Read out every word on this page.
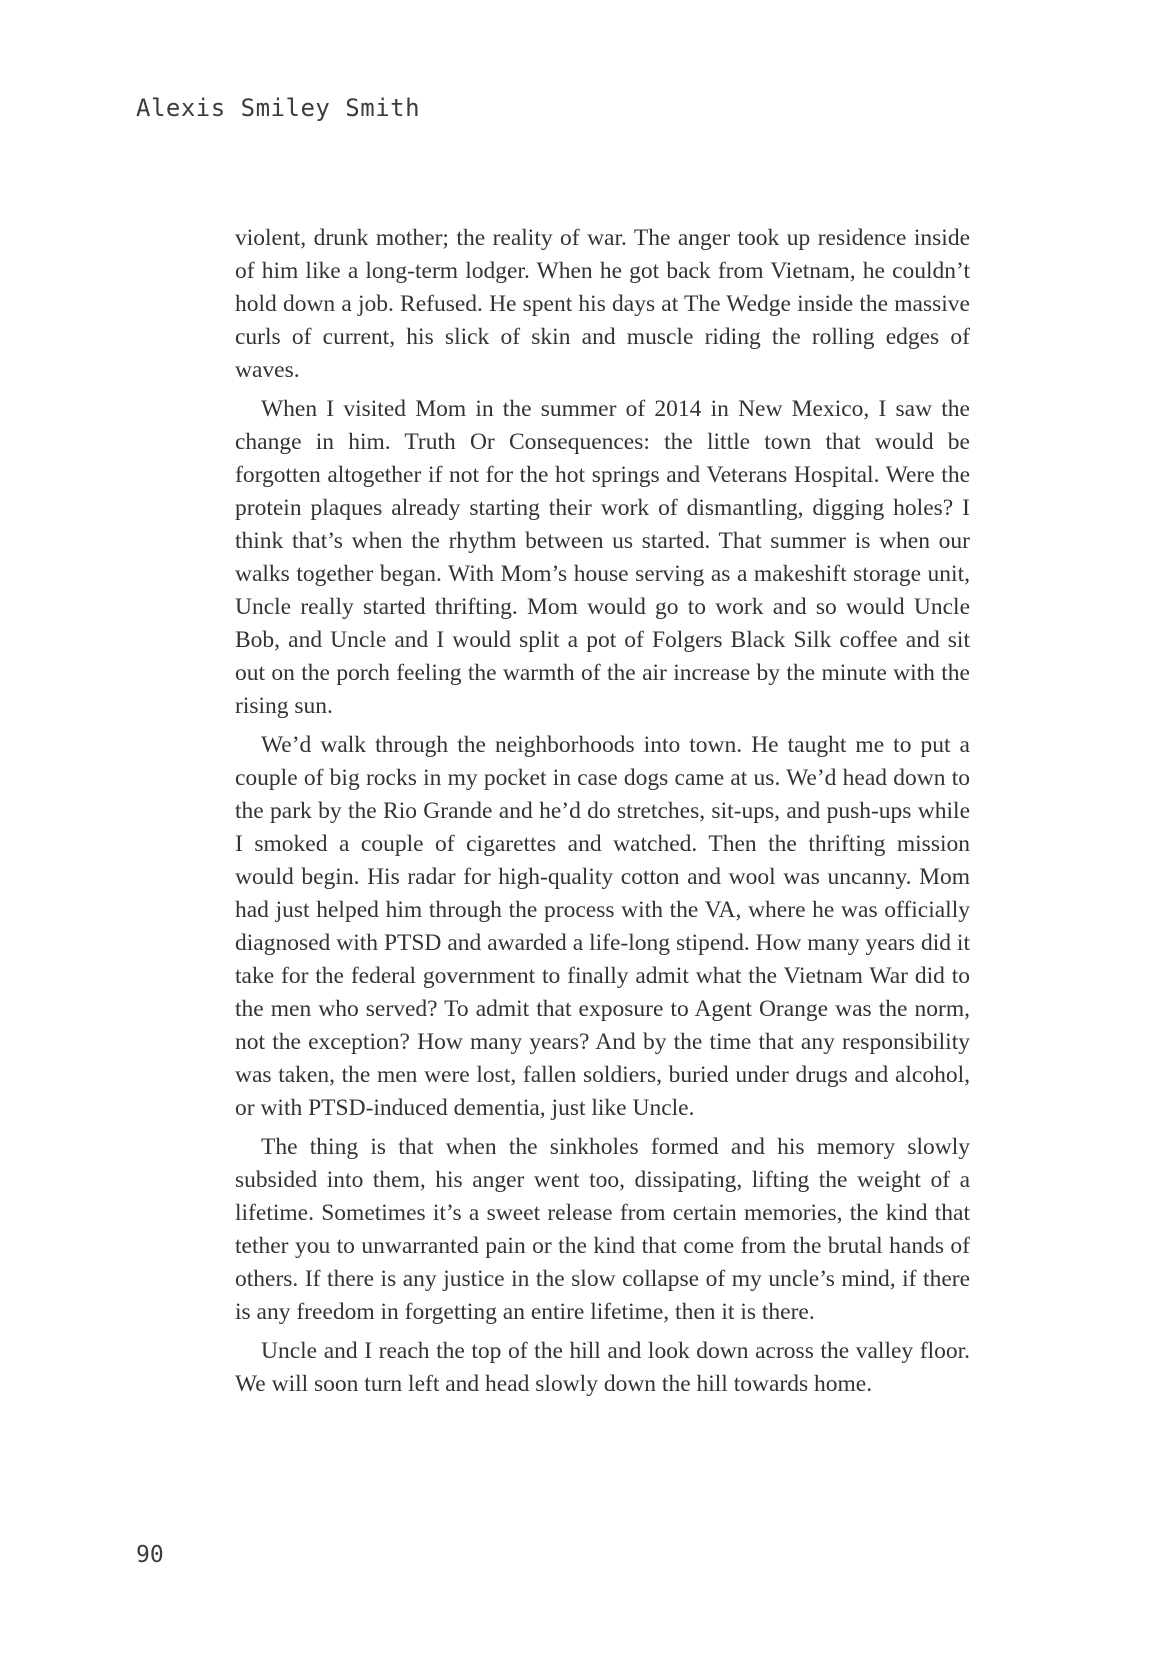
Alexis Smiley Smith

violent, drunk mother; the reality of war. The anger took up residence inside of him like a long-term lodger. When he got back from Vietnam, he couldn’t hold down a job. Refused. He spent his days at The Wedge inside the massive curls of current, his slick of skin and muscle riding the rolling edges of waves.

When I visited Mom in the summer of 2014 in New Mexico, I saw the change in him. Truth Or Consequences: the little town that would be forgotten altogether if not for the hot springs and Veterans Hospital. Were the protein plaques already starting their work of dismantling, digging holes? I think that’s when the rhythm between us started. That summer is when our walks together began. With Mom’s house serving as a makeshift storage unit, Uncle really started thrifting. Mom would go to work and so would Uncle Bob, and Uncle and I would split a pot of Folgers Black Silk coffee and sit out on the porch feeling the warmth of the air increase by the minute with the rising sun.

We’d walk through the neighborhoods into town. He taught me to put a couple of big rocks in my pocket in case dogs came at us. We’d head down to the park by the Rio Grande and he’d do stretches, sit-ups, and push-ups while I smoked a couple of cigarettes and watched. Then the thrifting mission would begin. His radar for high-quality cotton and wool was uncanny. Mom had just helped him through the process with the VA, where he was officially diagnosed with PTSD and awarded a life-long stipend. How many years did it take for the federal government to finally admit what the Vietnam War did to the men who served? To admit that exposure to Agent Orange was the norm, not the exception? How many years? And by the time that any responsibility was taken, the men were lost, fallen soldiers, buried under drugs and alcohol, or with PTSD-induced dementia, just like Uncle.

The thing is that when the sinkholes formed and his memory slowly subsided into them, his anger went too, dissipating, lifting the weight of a lifetime. Sometimes it’s a sweet release from certain memories, the kind that tether you to unwarranted pain or the kind that come from the brutal hands of others. If there is any justice in the slow collapse of my uncle’s mind, if there is any freedom in forgetting an entire lifetime, then it is there.

Uncle and I reach the top of the hill and look down across the valley floor. We will soon turn left and head slowly down the hill towards home.

90
